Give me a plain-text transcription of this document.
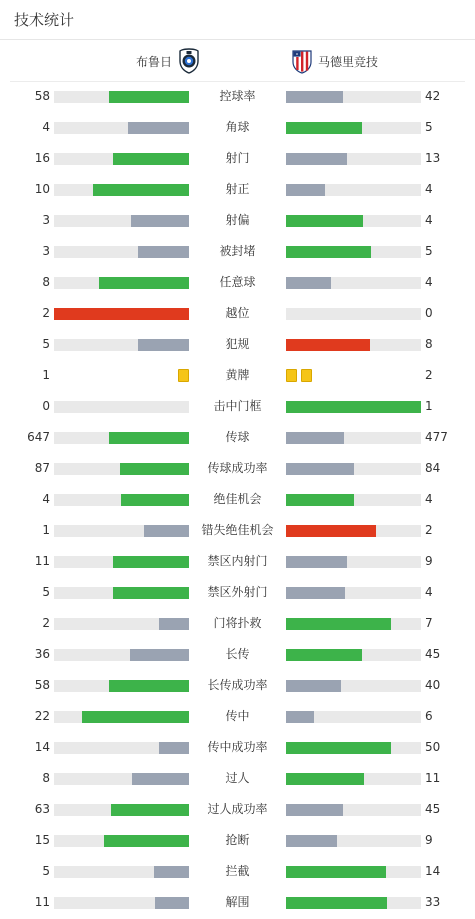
技术统计
布鲁日	马德里竞技
58	控球率	42
4	角球	5
16	射门	13
10	射正	4
3	射偏	4
3	被封堵	5
8	任意球	4
2	越位	0
5	犯规	8
1	黄牌	2
0	击中门框	1
647	传球	477
87	传球成功率	84
4	绝佳机会	4
1	错失绝佳机会	2
11	禁区内射门	9
5	禁区外射门	4
2	门将扑救	7
36	长传	45
58	长传成功率	40
22	传中	6
14	传中成功率	50
8	过人	11
63	过人成功率	45
15	抢断	9
5	拦截	14
11	解围	33
